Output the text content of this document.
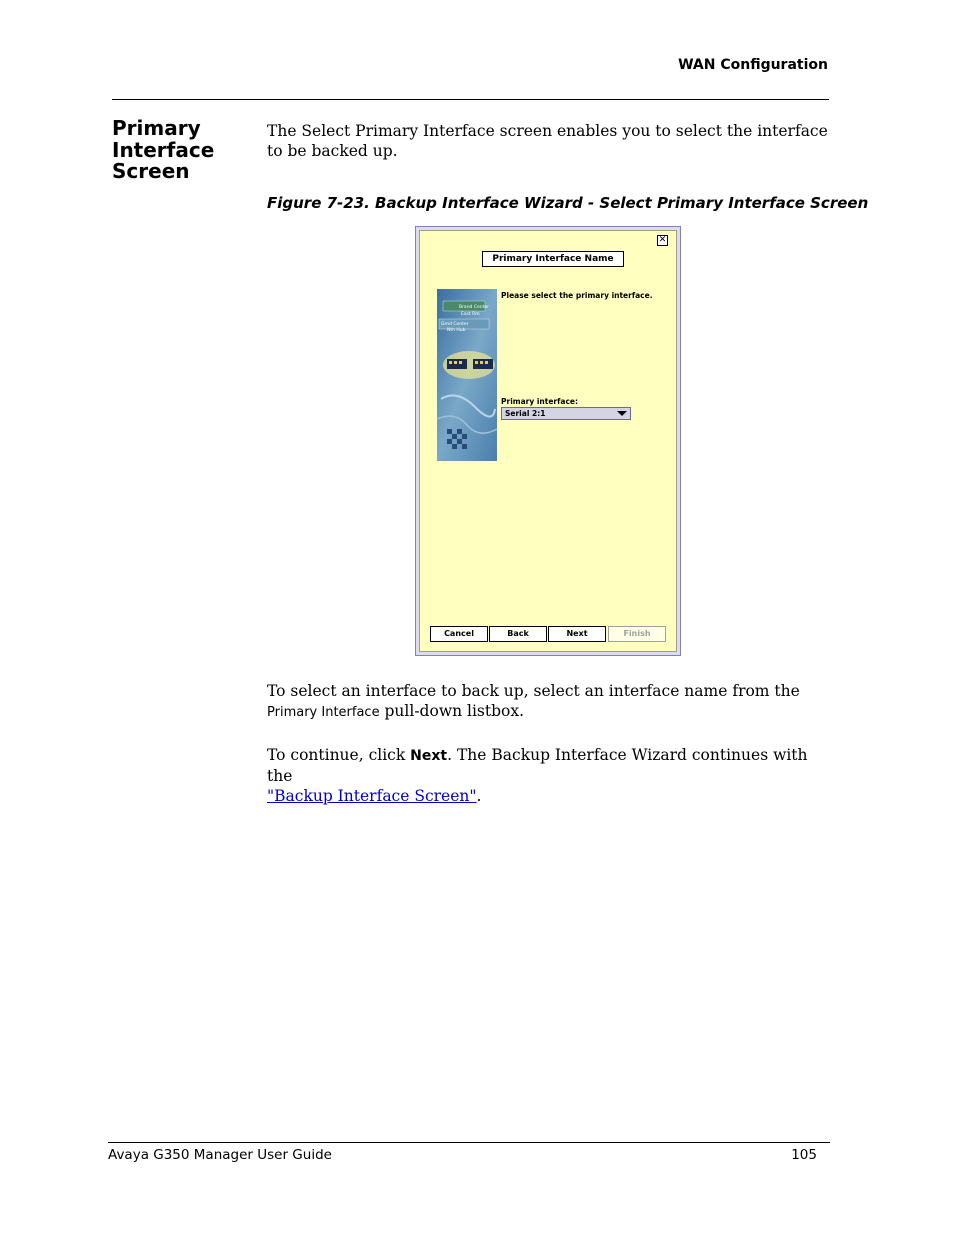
WAN Configuration
Primary Interface Screen
The Select Primary Interface screen enables you to select the interface to be backed up.
Figure 7-23. Backup Interface Wizard - Select Primary Interface Screen
✕
Primary Interface Name
Brand Center
East Rm
Grnd Center
Nth Hub
Please select the primary interface.
Primary interface:
Serial 2:1
Cancel	Back	Next	Finish
To select an interface to back up, select an interface name from the Primary Interface pull-down listbox.
To continue, click Next. The Backup Interface Wizard continues with the
"Backup Interface Screen".
Avaya G350 Manager User Guide	105
